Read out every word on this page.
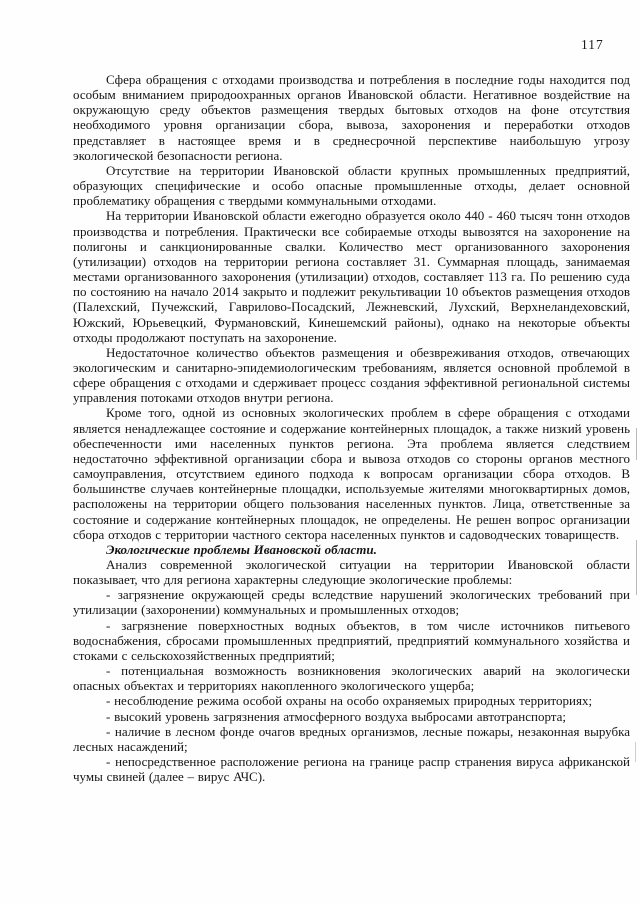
117

Сфера обращения с отходами производства и потребления в последние годы находится под особым вниманием природоохранных органов Ивановской области. Негативное воздействие на окружающую среду объектов размещения твердых бытовых отходов на фоне отсутствия необходимого уровня организации сбора, вывоза, захоронения и переработки отходов представляет в настоящее время и в среднесрочной перспективе наибольшую угрозу экологической безопасности региона.

Отсутствие на территории Ивановской области крупных промышленных предприятий, образующих специфические и особо опасные промышленные отходы, делает основной проблематику обращения с твердыми коммунальными отходами.

На территории Ивановской области ежегодно образуется около 440 - 460 тысяч тонн отходов производства и потребления. Практически все собираемые отходы вывозятся на захоронение на полигоны и санкционированные свалки. Количество мест организованного захоронения (утилизации) отходов на территории региона составляет 31. Суммарная площадь, занимаемая местами организованного захоронения (утилизации) отходов, составляет 113 га. По решению суда по состоянию на начало 2014 закрыто и подлежит рекультивации 10 объектов размещения отходов (Палехский, Пучежский, Гаврилово-Посадский, Лежневский, Лухский, Верхнеландеховский, Южский, Юрьевецкий, Фурмановский, Кинешемский районы), однако на некоторые объекты отходы продолжают поступать на захоронение.

Недостаточное количество объектов размещения и обезвреживания отходов, отвечающих экологическим и санитарно-эпидемиологическим требованиям, является основной проблемой в сфере обращения с отходами и сдерживает процесс создания эффективной региональной системы управления потоками отходов внутри региона.

Кроме того, одной из основных экологических проблем в сфере обращения с отходами является ненадлежащее состояние и содержание контейнерных площадок, а также низкий уровень обеспеченности ими населенных пунктов региона. Эта проблема является следствием недостаточно эффективной организации сбора и вывоза отходов со стороны органов местного самоуправления, отсутствием единого подхода к вопросам организации сбора отходов. В большинстве случаев контейнерные площадки, используемые жителями многоквартирных домов, расположены на территории общего пользования населенных пунктов. Лица, ответственные за состояние и содержание контейнерных площадок, не определены. Не решен вопрос организации сбора отходов с территории частного сектора населенных пунктов и садоводческих товариществ.

Экологические проблемы Ивановской области.

Анализ современной экологической ситуации на территории Ивановской области показывает, что для региона характерны следующие экологические проблемы:

- загрязнение окружающей среды вследствие нарушений экологических требований при утилизации (захоронении) коммунальных и промышленных отходов;

- загрязнение поверхностных водных объектов, в том числе источников питьевого водоснабжения, сбросами промышленных предприятий, предприятий коммунального хозяйства и стоками с сельскохозяйственных предприятий;

- потенциальная возможность возникновения экологических аварий на экологически опасных объектах и территориях накопленного экологического ущерба;

- несоблюдение режима особой охраны на особо охраняемых природных территориях;

- высокий уровень загрязнения атмосферного воздуха выбросами автотранспорта;

- наличие в лесном фонде очагов вредных организмов, лесные пожары, незаконная вырубка лесных насаждений;

- непосредственное расположение региона на границе распр странения вируса африканской чумы свиней (далее – вирус АЧС).
